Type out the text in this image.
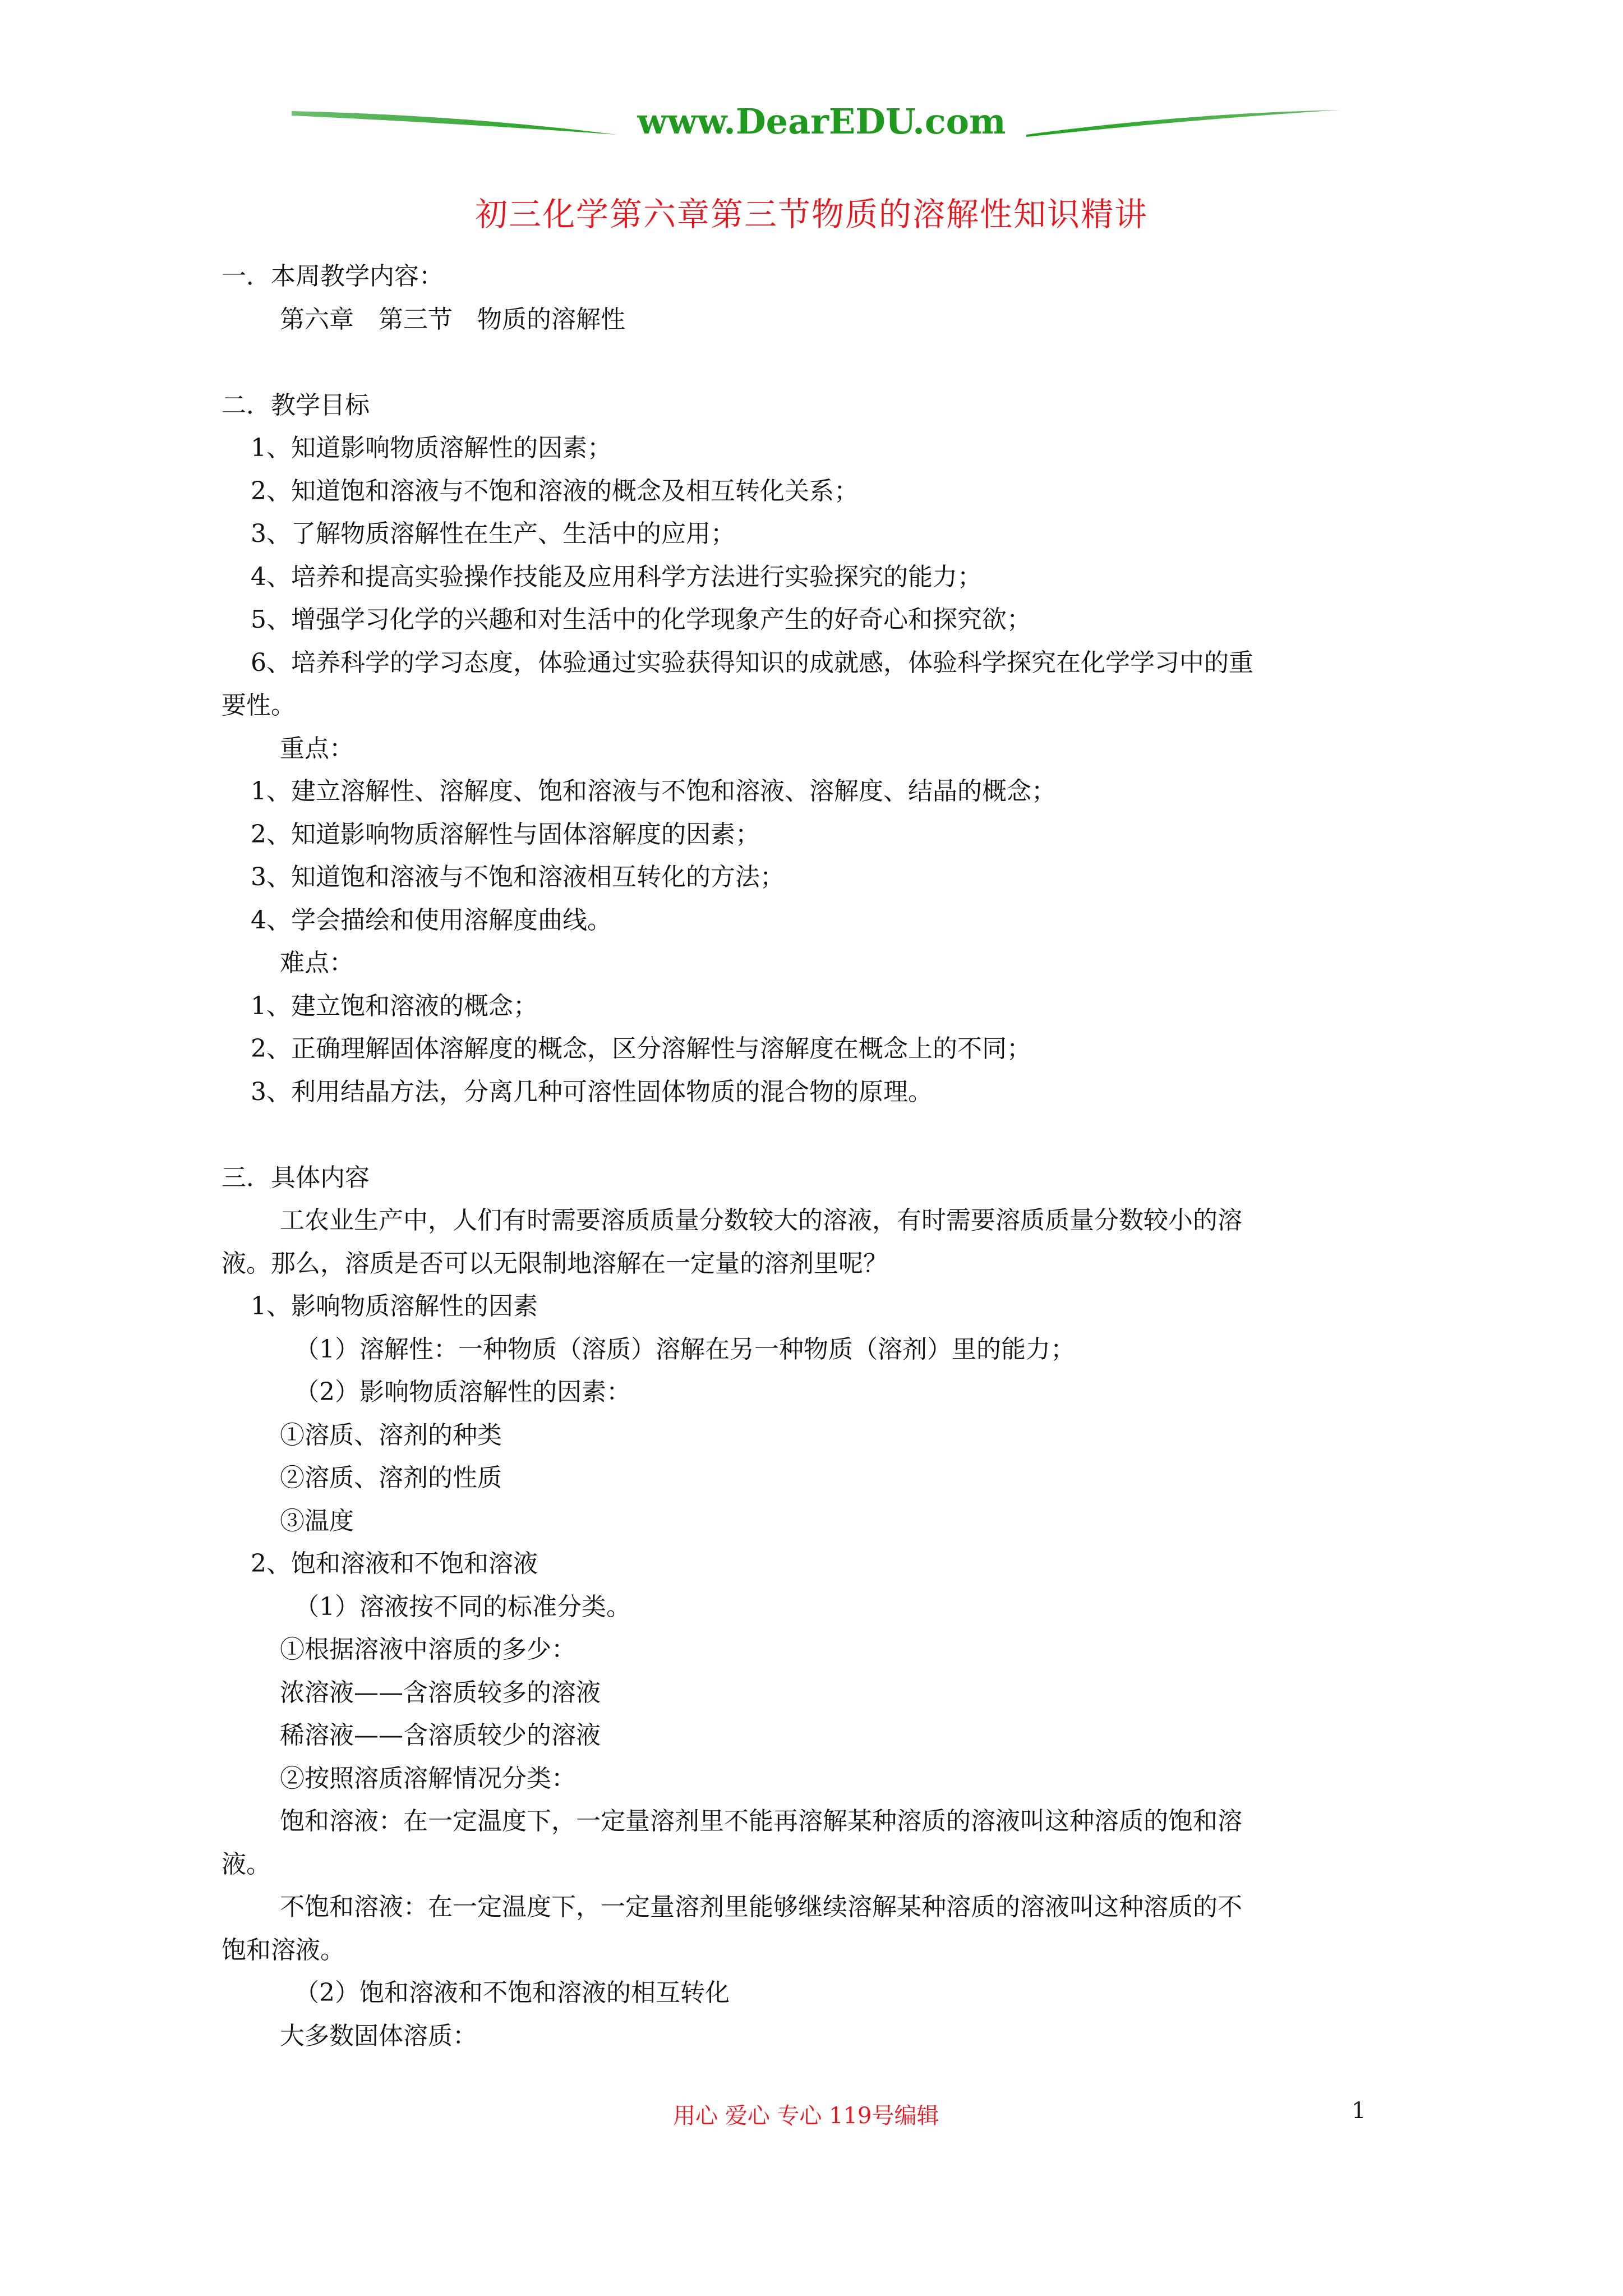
www.DearEDU.com
初三化学第六章第三节物质的溶解性知识精讲
一．本周教学内容：
第六章　第三节　物质的溶解性
二．教学目标
1、知道影响物质溶解性的因素；
2、知道饱和溶液与不饱和溶液的概念及相互转化关系；
3、了解物质溶解性在生产、生活中的应用；
4、培养和提高实验操作技能及应用科学方法进行实验探究的能力；
5、增强学习化学的兴趣和对生活中的化学现象产生的好奇心和探究欲；
6、培养科学的学习态度，体验通过实验获得知识的成就感，体验科学探究在化学学习中的重
要性。
重点：
1、建立溶解性、溶解度、饱和溶液与不饱和溶液、溶解度、结晶的概念；
2、知道影响物质溶解性与固体溶解度的因素；
3、知道饱和溶液与不饱和溶液相互转化的方法；
4、学会描绘和使用溶解度曲线。
难点：
1、建立饱和溶液的概念；
2、正确理解固体溶解度的概念，区分溶解性与溶解度在概念上的不同；
3、利用结晶方法，分离几种可溶性固体物质的混合物的原理。
三．具体内容
工农业生产中，人们有时需要溶质质量分数较大的溶液，有时需要溶质质量分数较小的溶
液。那么，溶质是否可以无限制地溶解在一定量的溶剂里呢？
1、影响物质溶解性的因素
（1）溶解性：一种物质（溶质）溶解在另一种物质（溶剂）里的能力；
（2）影响物质溶解性的因素：
①溶质、溶剂的种类
②溶质、溶剂的性质
③温度
2、饱和溶液和不饱和溶液
（1）溶液按不同的标准分类。
①根据溶液中溶质的多少：
浓溶液——含溶质较多的溶液
稀溶液——含溶质较少的溶液
②按照溶质溶解情况分类：
饱和溶液：在一定温度下，一定量溶剂里不能再溶解某种溶质的溶液叫这种溶质的饱和溶
液。
不饱和溶液：在一定温度下，一定量溶剂里能够继续溶解某种溶质的溶液叫这种溶质的不
饱和溶液。
（2）饱和溶液和不饱和溶液的相互转化
大多数固体溶质：
用心 爱心 专心 119号编辑	1
